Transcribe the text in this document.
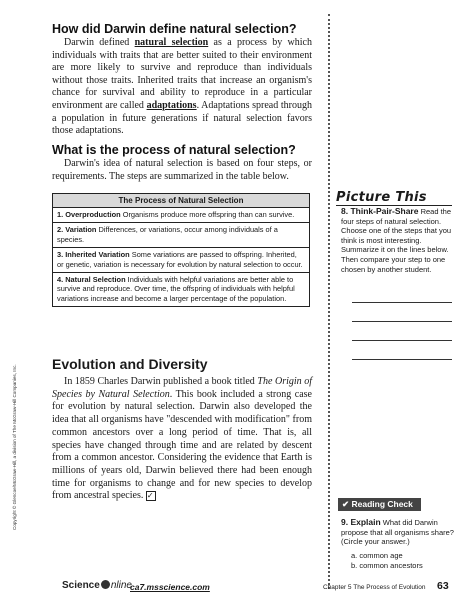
How did Darwin define natural selection?

Darwin defined natural selection as a process by which individuals with traits that are better suited to their environment are more likely to survive and reproduce than individuals without those traits. Inherited traits that increase an organism's chance for survival and ability to reproduce in a particular environment are called adaptations. Adaptations spread through a population in future generations if natural selection favors those adaptations.

What is the process of natural selection?

Darwin's idea of natural selection is based on four steps, or requirements. The steps are summarized in the table below.

The Process of Natural Selection
1. Overproduction Organisms produce more offspring than can survive.
2. Variation Differences, or variations, occur among individuals of a species.
3. Inherited Variation Some variations are passed to offspring. Inherited, or genetic, variation is necessary for evolution by natural selection to occur.
4. Natural Selection Individuals with helpful variations are better able to survive and reproduce. Over time, the offspring of individuals with helpful variations increase and become a larger percentage of the population.
Evolution and Diversity

In 1859 Charles Darwin published a book titled The Origin of Species by Natural Selection. This book included a strong case for evolution by natural selection. Darwin also developed the idea that all organisms have "descended with modification" from common ancestors over a long period of time. That is, all species have changed through time and are related by descent from a common ancestor. Considering the evidence that Earth is millions of years old, Darwin believed there had been enough time for organisms to change and for new species to develop from ancestral species. ✓

Picture This
8. Think-Pair-Share Read the four steps of natural selection. Choose one of the steps that you think is most interesting. Summarize it on the lines below. Then compare your step to one chosen by another student.
✔ Reading Check
9. Explain What did Darwin propose that all organisms share? (Circle your answer.)
a. common age
b. common ancestors
Copyright © Glencoe/McGraw-Hill, a division of The McGraw-Hill Companies, Inc.
Science nline
ca7.msscience.com	Chapter 5 The Process of Evolution 63
